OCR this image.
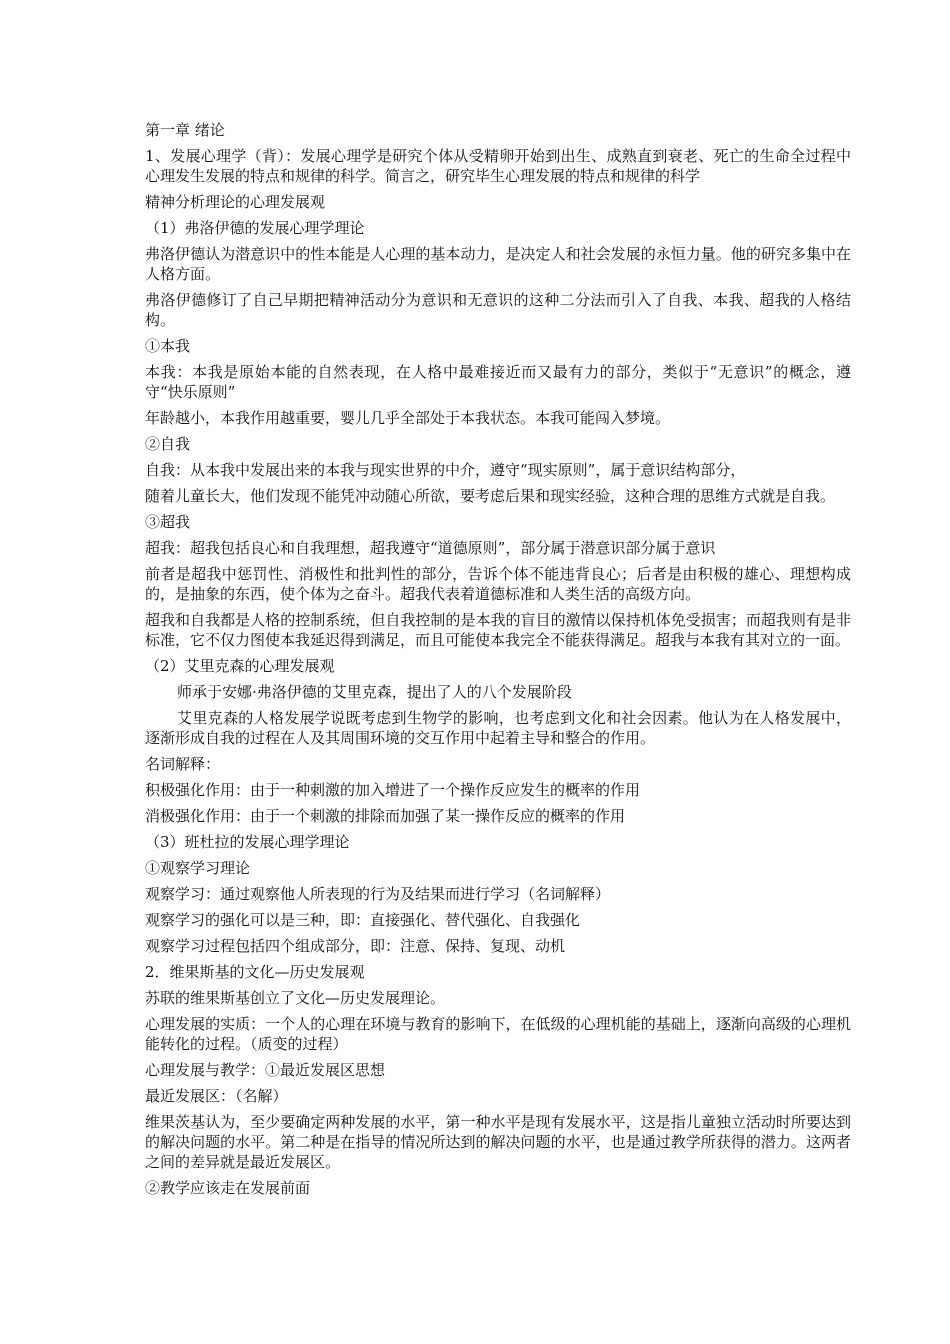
第一章 绪论

1、发展心理学（背）：发展心理学是研究个体从受精卵开始到出生、成熟直到衰老、死亡的生命全过程中心理发生发展的特点和规律的科学。简言之，研究毕生心理发展的特点和规律的科学

精神分析理论的心理发展观

（1）弗洛伊德的发展心理学理论

弗洛伊德认为潜意识中的性本能是人心理的基本动力，是决定人和社会发展的永恒力量。他的研究多集中在人格方面。

弗洛伊德修订了自己早期把精神活动分为意识和无意识的这种二分法而引入了自我、本我、超我的人格结构。

①本我

本我：本我是原始本能的自然表现，在人格中最难接近而又最有力的部分，类似于“无意识”的概念，遵守“快乐原则”

年龄越小，本我作用越重要，婴儿几乎全部处于本我状态。本我可能闯入梦境。

②自我

自我：从本我中发展出来的本我与现实世界的中介，遵守“现实原则”，属于意识结构部分，

随着儿童长大，他们发现不能凭冲动随心所欲，要考虑后果和现实经验，这种合理的思维方式就是自我。

③超我

超我：超我包括良心和自我理想，超我遵守“道德原则”，部分属于潜意识部分属于意识

前者是超我中惩罚性、消极性和批判性的部分，告诉个体不能违背良心；后者是由积极的雄心、理想构成的，是抽象的东西，使个体为之奋斗。超我代表着道德标准和人类生活的高级方向。

超我和自我都是人格的控制系统，但自我控制的是本我的盲目的激情以保持机体免受损害；而超我则有是非标准，它不仅力图使本我延迟得到满足，而且可能使本我完全不能获得满足。超我与本我有其对立的一面。

（2）艾里克森的心理发展观

师承于安娜·弗洛伊德的艾里克森，提出了人的八个发展阶段

艾里克森的人格发展学说既考虑到生物学的影响，也考虑到文化和社会因素。他认为在人格发展中，逐渐形成自我的过程在人及其周围环境的交互作用中起着主导和整合的作用。

名词解释：

积极强化作用：由于一种刺激的加入增进了一个操作反应发生的概率的作用

消极强化作用：由于一个刺激的排除而加强了某一操作反应的概率的作用

（3）班杜拉的发展心理学理论

①观察学习理论

观察学习：通过观察他人所表现的行为及结果而进行学习（名词解释）

观察学习的强化可以是三种，即：直接强化、替代强化、自我强化

观察学习过程包括四个组成部分，即：注意、保持、复现、动机

2．维果斯基的文化—历史发展观

苏联的维果斯基创立了文化—历史发展理论。

心理发展的实质：一个人的心理在环境与教育的影响下，在低级的心理机能的基础上，逐渐向高级的心理机能转化的过程。（质变的过程）

心理发展与教学：①最近发展区思想

最近发展区：（名解）

维果茨基认为，至少要确定两种发展的水平，第一种水平是现有发展水平，这是指儿童独立活动时所要达到的解决问题的水平。第二种是在指导的情况所达到的解决问题的水平，也是通过教学所获得的潜力。这两者之间的差异就是最近发展区。

②教学应该走在发展前面
